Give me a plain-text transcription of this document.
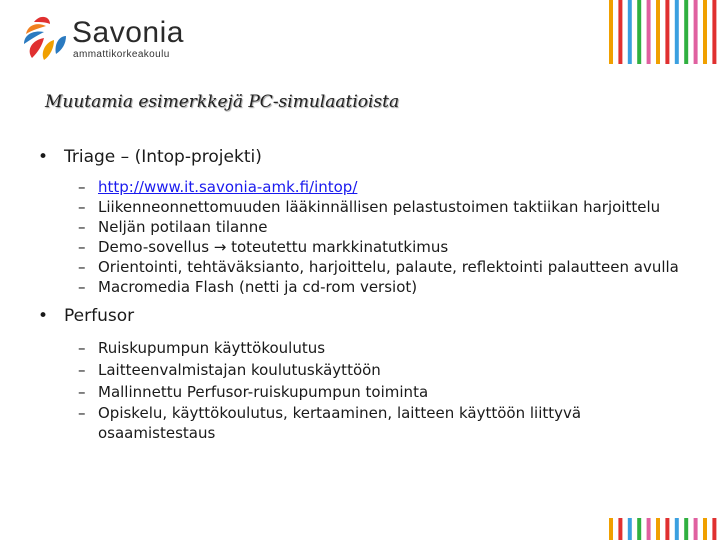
Savonia
ammattikorkeakoulu
Muutamia esimerkkejä PC-simulaatioista
• Triage – (Intop-projekti)
– http://www.it.savonia-amk.fi/intop/
– Liikenneonnettomuuden lääkinnällisen pelastustoimen taktiikan harjoittelu
– Neljän potilaan tilanne
– Demo-sovellus → toteutettu markkinatutkimus
– Orientointi, tehtäväksianto, harjoittelu, palaute, reflektointi palautteen avulla
– Macromedia Flash (netti ja cd-rom versiot)
• Perfusor
– Ruiskupumpun käyttökoulutus
– Laitteenvalmistajan koulutuskäyttöön
– Mallinnettu Perfusor-ruiskupumpun toiminta
– Opiskelu, käyttökoulutus, kertaaminen, laitteen käyttöön liittyvä osaamistestaus
